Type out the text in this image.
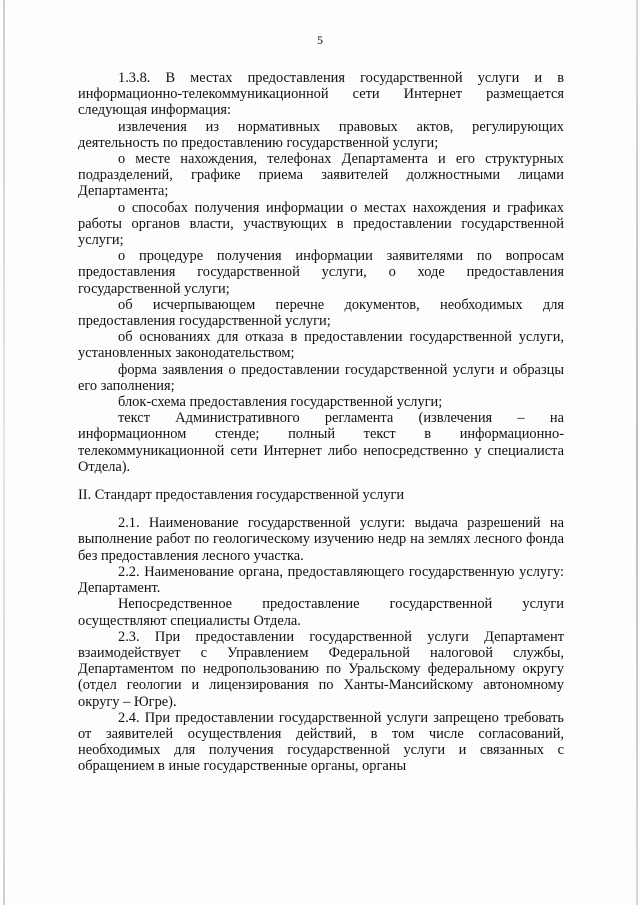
5

1.3.8. В местах предоставления государственной услуги и в информационно-телекоммуникационной сети Интернет размещается следующая информация:

извлечения из нормативных правовых актов, регулирующих деятельность по предоставлению государственной услуги;

о месте нахождения, телефонах Департамента и его структурных подразделений, графике приема заявителей должностными лицами Департамента;

о способах получения информации о местах нахождения и графиках работы органов власти, участвующих в предоставлении государственной услуги;

о процедуре получения информации заявителями по вопросам предоставления государственной услуги, о ходе предоставления государственной услуги;

об исчерпывающем перечне документов, необходимых для предоставления государственной услуги;

об основаниях для отказа в предоставлении государственной услуги, установленных законодательством;

форма заявления о предоставлении государственной услуги и образцы его заполнения;

блок-схема предоставления государственной услуги;

текст Административного регламента (извлечения – на информационном стенде; полный текст в информационно-телекоммуникационной сети Интернет либо непосредственно у специалиста Отдела).

II. Стандарт предоставления государственной услуги

2.1. Наименование государственной услуги: выдача разрешений на выполнение работ по геологическому изучению недр на землях лесного фонда без предоставления лесного участка.

2.2. Наименование органа, предоставляющего государственную услугу: Департамент.

Непосредственное предоставление государственной услуги осуществляют специалисты Отдела.

2.3. При предоставлении государственной услуги Департамент взаимодействует с Управлением Федеральной налоговой службы, Департаментом по недропользованию по Уральскому федеральному округу (отдел геологии и лицензирования по Ханты-Мансийскому автономному округу – Югре).

2.4. При предоставлении государственной услуги запрещено требовать от заявителей осуществления действий, в том числе согласований, необходимых для получения государственной услуги и связанных с обращением в иные государственные органы, органы
